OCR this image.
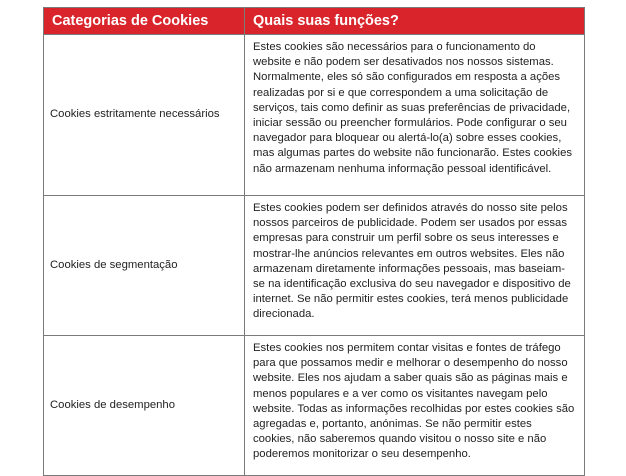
Categorias de Cookies	Quais suas funções?
Cookies estritamente necessários	Estes cookies são necessários para o funcionamento do website e não podem ser desativados nos nossos sistemas. Normalmente, eles só são configurados em resposta a ações realizadas por si e que correspondem a uma solicitação de serviços, tais como definir as suas preferências de privacidade, iniciar sessão ou preencher formulários. Pode configurar o seu navegador para bloquear ou alertá-lo(a) sobre esses cookies, mas algumas partes do website não funcionarão. Estes cookies não armazenam nenhuma informação pessoal identificável.

Cookies de segmentação	Estes cookies podem ser definidos através do nosso site pelos nossos parceiros de publicidade. Podem ser usados por essas empresas para construir um perfil sobre os seus interesses e mostrar-lhe anúncios relevantes em outros websites. Eles não armazenam diretamente informações pessoais, mas baseiam-se na identificação exclusiva do seu navegador e dispositivo de internet. Se não permitir estes cookies, terá menos publicidade direcionada.

Cookies de desempenho	Estes cookies nos permitem contar visitas e fontes de tráfego para que possamos medir e melhorar o desempenho do nosso website. Eles nos ajudam a saber quais são as páginas mais e menos populares e a ver como os visitantes navegam pelo website. Todas as informações recolhidas por estes cookies são agregadas e, portanto, anónimas. Se não permitir estes cookies, não saberemos quando visitou o nosso site e não poderemos monitorizar o seu desempenho.
